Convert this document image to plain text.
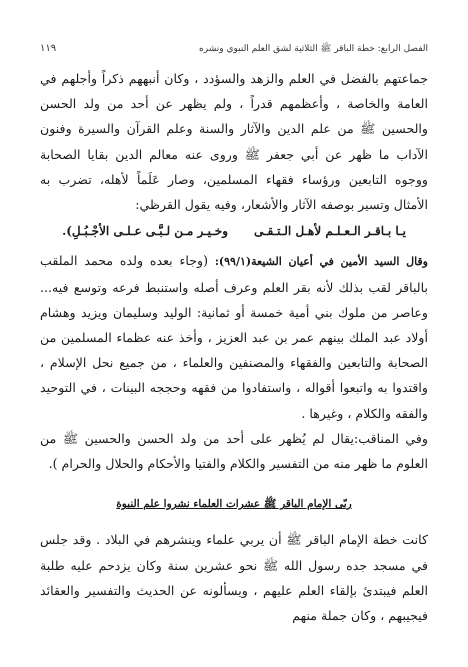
الفصل الرابع: خطة الباقر ﷺ الثلاثية لشق العلم النبوي ونشره
١١٩

جماعتهم بالفضل في العلم والزهد والسؤدد ، وكان أنبههم ذكراً وأجلهم في العامة والخاصة ، وأعظمهم قدراً ، ولم يظهر عن أحد من ولد الحسن والحسين ﷺ من علم الدين والآثار والسنة وعلم القرآن والسيرة وفنون الآداب ما ظهر عن أبي جعفر ﷺ وروى عنه معالم الدين بقايا الصحابة ووجوه التابعين ورؤساء فقهاء المسلمين، وصار عَلَماً لأهله، تضرب به الأمثال وتسير بوصفه الآثار والأشعار، وفيه يقول القرظي:

يـا بـاقـر الـعـلـم لأهـل الـتـقـى
وخـيـر مـن لـبَّـى عـلـى الأجْـبُـلِ).

وقال السيد الأمين في أعيان الشيعة(٩٩/١): (وجاء بعده ولده محمد الملقب بالباقر لقب بذلك لأنه بقر العلم وعرف أصله واستنبط فرعه وتوسع فيه... وعاصر من ملوك بني أمية خمسة أو ثمانية: الوليد وسليمان ويزيد وهشام أولاد عبد الملك بينهم عمر بن عبد العزيز ، وأخذ عنه عظماء المسلمين من الصحابة والتابعين والفقهاء والمصنفين والعلماء ، من جميع نحل الإسلام ، واقتدوا به واتبعوا أقواله ، واستفادوا من فقهه وحججه البينات ، في التوحيد والفقه والكلام ، وغيرها .

وفي المناقب:يقال لم يُظهر على أحد من ولد الحسن والحسين ﷺ من العلوم ما ظهر منه من التفسير والكلام والفتيا والأحكام والحلال والحرام ).

ربّى الإمام الباقر ﷺ عشرات العلماء نشروا علم النبوة

كانت خطة الإمام الباقر ﷺ أن يربي علماء وينشرهم في البلاد . وقد جلس في مسجد جده رسول الله ﷺ نحو عشرين سنة وكان يزدحم عليه طلبة العلم فيبتدئ بإلقاء العلم عليهم ، ويسألونه عن الحديث والتفسير والعقائد فيجيبهم ، وكان جملة منهم
